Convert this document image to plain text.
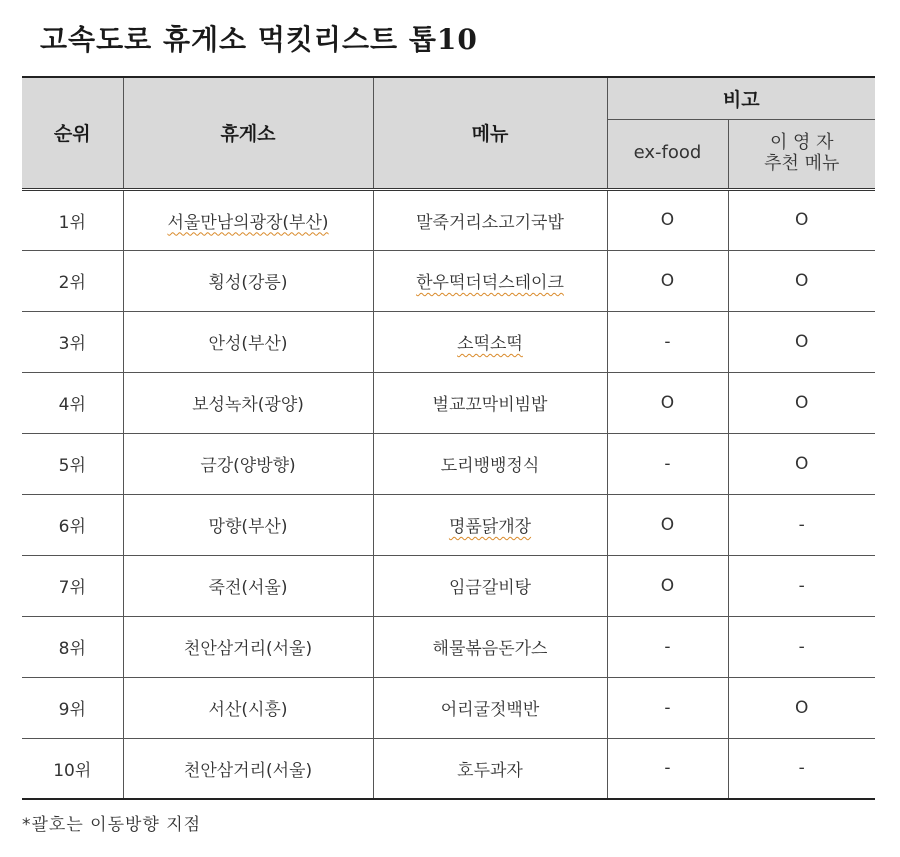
고속도로 휴게소 먹킷리스트 톱10
순위	휴게소	메뉴	비고	
			ex-food	이 영 자
추천 메뉴

1위	서울만남의광장(부산)	말죽거리소고기국밥	O	O
2위	횡성(강릉)	한우떡더덕스테이크	O	O
3위	안성(부산)	소떡소떡	-	O
4위	보성녹차(광양)	벌교꼬막비빔밥	O	O
5위	금강(양방향)	도리뱅뱅정식	-	O
6위	망향(부산)	명품닭개장	O	-
7위	죽전(서울)	임금갈비탕	O	-
8위	천안삼거리(서울)	해물볶음돈가스	-	-
9위	서산(시흥)	어리굴젓백반	-	O
10위	천안삼거리(서울)	호두과자	-	-
*괄호는 이동방향 지점
